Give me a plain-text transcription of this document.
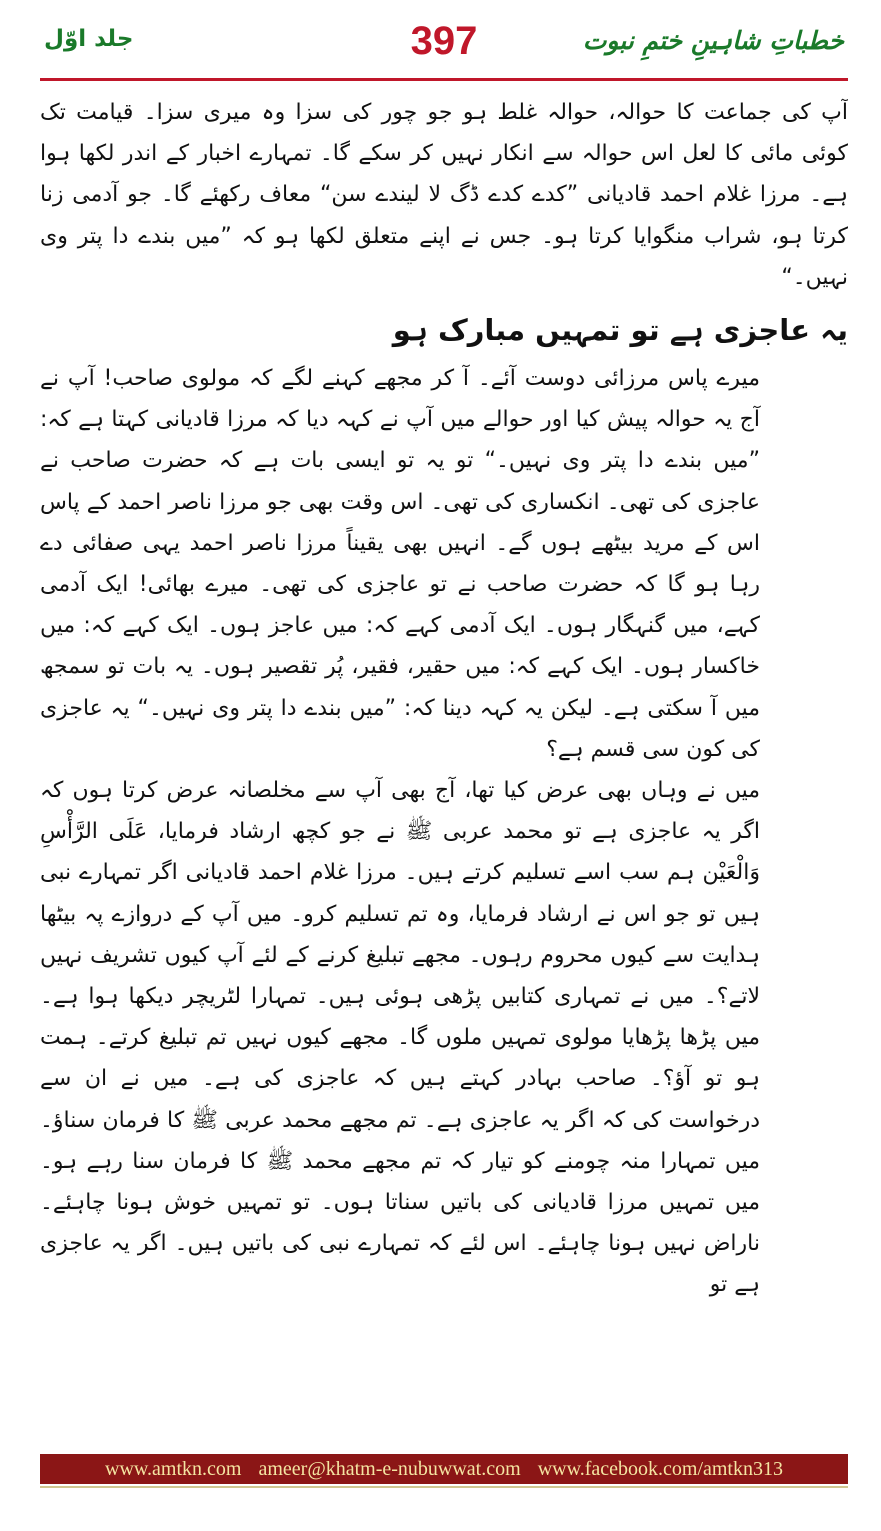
خطباتِ شاہینِ ختمِ نبوت
397
جلد اوّل

آپ کی جماعت کا حوالہ، حوالہ غلط ہو جو چور کی سزا وہ میری سزا۔ قیامت تک کوئی مائی کا لعل اس حوالہ سے انکار نہیں کر سکے گا۔ تمہارے اخبار کے اندر لکھا ہوا ہے۔ مرزا غلام احمد قادیانی ”کدے کدے ڈگ لا لیندے سن“ معاف رکھئے گا۔ جو آدمی زنا کرتا ہو، شراب منگوایا کرتا ہو۔ جس نے اپنے متعلق لکھا ہو کہ ”میں بندے دا پتر وی نہیں۔“

یہ عاجزی ہے تو تمہیں مبارک ہو

میرے پاس مرزائی دوست آئے۔ آ کر مجھے کہنے لگے کہ مولوی صاحب! آپ نے آج یہ حوالہ پیش کیا اور حوالے میں آپ نے کہہ دیا کہ مرزا قادیانی کہتا ہے کہ: ”میں بندے دا پتر وی نہیں۔“ تو یہ تو ایسی بات ہے کہ حضرت صاحب نے عاجزی کی تھی۔ انکساری کی تھی۔ اس وقت بھی جو مرزا ناصر احمد کے پاس اس کے مرید بیٹھے ہوں گے۔ انہیں بھی یقیناً مرزا ناصر احمد یہی صفائی دے رہا ہو گا کہ حضرت صاحب نے تو عاجزی کی تھی۔ میرے بھائی! ایک آدمی کہے، میں گنہگار ہوں۔ ایک آدمی کہے کہ: میں عاجز ہوں۔ ایک کہے کہ: میں خاکسار ہوں۔ ایک کہے کہ: میں حقیر، فقیر، پُر تقصیر ہوں۔ یہ بات تو سمجھ میں آ سکتی ہے۔ لیکن یہ کہہ دینا کہ: ”میں بندے دا پتر وی نہیں۔“ یہ عاجزی کی کون سی قسم ہے؟

میں نے وہاں بھی عرض کیا تھا، آج بھی آپ سے مخلصانہ عرض کرتا ہوں کہ اگر یہ عاجزی ہے تو محمد عربی ﷺ نے جو کچھ ارشاد فرمایا، عَلَی الرَّأْسِ وَالْعَیْن ہم سب اسے تسلیم کرتے ہیں۔ مرزا غلام احمد قادیانی اگر تمہارے نبی ہیں تو جو اس نے ارشاد فرمایا، وہ تم تسلیم کرو۔ میں آپ کے دروازے پہ بیٹھا ہدایت سے کیوں محروم رہوں۔ مجھے تبلیغ کرنے کے لئے آپ کیوں تشریف نہیں لاتے؟۔ میں نے تمہاری کتابیں پڑھی ہوئی ہیں۔ تمہارا لٹریچر دیکھا ہوا ہے۔ میں پڑھا پڑھایا مولوی تمہیں ملوں گا۔ مجھے کیوں نہیں تم تبلیغ کرتے۔ ہمت ہو تو آؤ؟۔ صاحب بہادر کہتے ہیں کہ عاجزی کی ہے۔ میں نے ان سے درخواست کی کہ اگر یہ عاجزی ہے۔ تم مجھے محمد عربی ﷺ کا فرمان سناؤ۔ میں تمہارا منہ چومنے کو تیار کہ تم مجھے محمد ﷺ کا فرمان سنا رہے ہو۔ میں تمہیں مرزا قادیانی کی باتیں سناتا ہوں۔ تو تمہیں خوش ہونا چاہئے۔ ناراض نہیں ہونا چاہئے۔ اس لئے کہ تمہارے نبی کی باتیں ہیں۔ اگر یہ عاجزی ہے تو

www.amtkn.com ameer@khatm-e-nubuwwat.com www.facebook.com/amtkn313
